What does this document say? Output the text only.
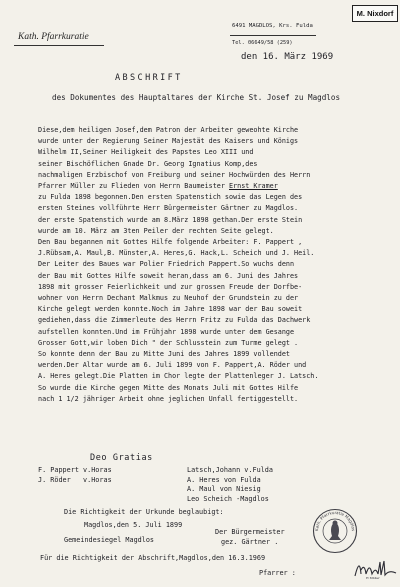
M. Nixdorf
Kath. Pfarrkuratie
6491 MAGDLOS, Krs. Fulda
Tel. 06649/58 (259)
den 16. März 1969
ABSCHRIFT
des Dokumentes des Hauptaltares der Kirche St. Josef zu Magdlos
Diese,dem heiligen Josef,dem Patron der Arbeiter geweohte Kirche
wurde unter der Regierung Seiner Majestät des Kaisers und Königs
Wilhelm II,Seiner Heiligkeit des Papstes Leo XIII und
seiner Bischöflichen Gnade Dr. Georg Ignatius Komp,des
nachmaligen Erzbischof von Freiburg und seiner Hochwürden des Herrn
Pfarrer Müller zu Flieden von Herrn Baumeister Ernst Kramer
zu Fulda 1898 begonnen.Den ersten Spatenstich sowie das Legen des
ersten Steines vollführte Herr Bürgermeister Gärtner zu Magdlos.
der erste Spatenstich wurde am 8.März 1898 gethan.Der erste Stein
wurde am 10. März am 3ten Peiler der rechten Seite gelegt.
Den Bau begannen mit Gottes Hilfe folgende Arbeiter: F. Pappert ,
J.Rübsam,A. Maul,B. Münster,A. Heres,G. Hack,L. Scheich und J. Heil.
Der Leiter des Baues war Polier Friedrich Pappert.So wuchs denn
der Bau mit Gottes Hilfe soweit heran,dass am 6. Juni des Jahres
1898 mit grosser Feierlichkeit und zur grossen Freude der Dorfbe-
wohner von Herrn Dechant Malkmus zu Neuhof der Grundstein zu der
Kirche gelegt werden konnte.Noch im Jahre 1898 war der Bau soweit
gediehen,dass die Zimmerleute des Herrn Fritz zu Fulda das Dachwerk
aufstellen konnten.Und im Frühjahr 1898 wurde unter dem Gesange
Grosser Gott,wir loben Dich " der Schlusstein zum Turme gelegt .
So konnte denn der Bau zu Mitte Juni des Jahres 1899 vollendet
werden.Der Altar wurde am 6. Juli 1899 von F. Pappert,A. Röder und
A. Heres gelegt.Die Platten im Chor legte der Plattenleger J. Latsch.
So wurde die Kirche gegen Mitte des Monats Juli mit Gottes Hilfe
nach 1 1/2 jähriger Arbeit ohne jeglichen Unfall fertiggestellt.
Deo Gratias
F. Pappert v.Horas
J. Röder   v.Horas
Latsch,Johann v.Fulda
A. Heres von Fulda
A. Maul von Niesig
Leo Scheich -Magdlos
Die Richtigkeit der Urkunde beglaubigt:
Magdlos,den 5. Juli 1899
Gemeindesiegel Magdlos
Der Bürgermeister
gez. Gärtner .
Für die Richtigkeit der Abschrift,Magdlos,den 16.3.1969
Pfarrer :
Kath. Pfarrkuratie Magdlos
H Müller
